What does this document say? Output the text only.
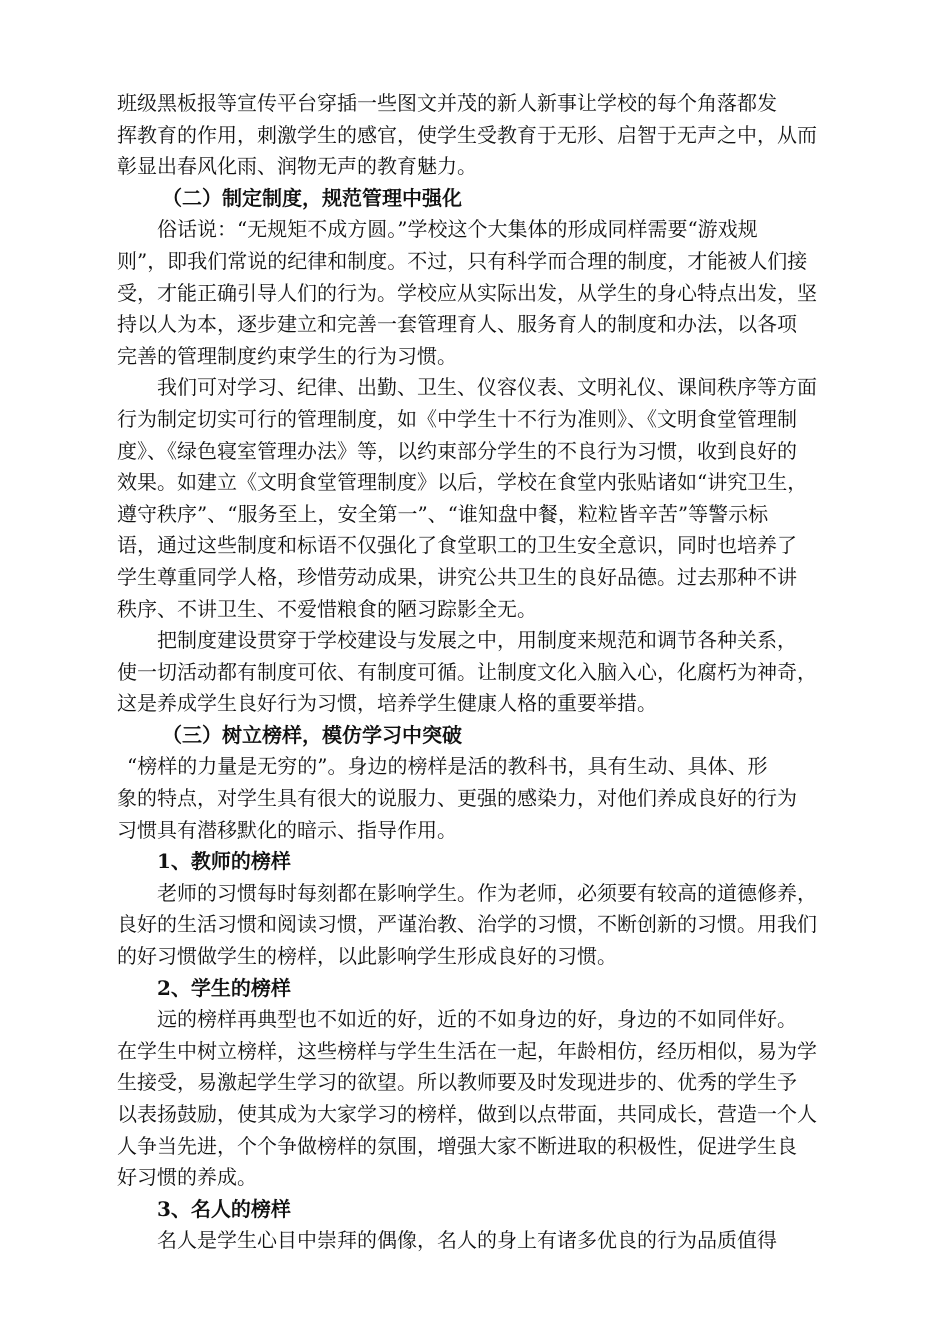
班级黑板报等宣传平台穿插一些图文并茂的新人新事让学校的每个角落都发
挥教育的作用，刺激学生的感官，使学生受教育于无形、启智于无声之中，从而
彰显出春风化雨、润物无声的教育魅力。
（二）制定制度，规范管理中强化
俗话说：“无规矩不成方圆。”学校这个大集体的形成同样需要“游戏规
则”，即我们常说的纪律和制度。不过，只有科学而合理的制度，才能被人们接
受，才能正确引导人们的行为。学校应从实际出发，从学生的身心特点出发，坚
持以人为本，逐步建立和完善一套管理育人、服务育人的制度和办法，以各项
完善的管理制度约束学生的行为习惯。
我们可对学习、纪律、出勤、卫生、仪容仪表、文明礼仪、课间秩序等方面
行为制定切实可行的管理制度，如《中学生十不行为准则》、《文明食堂管理制
度》、《绿色寝室管理办法》等，以约束部分学生的不良行为习惯，收到良好的
效果。如建立《文明食堂管理制度》以后，学校在食堂内张贴诸如“讲究卫生，
遵守秩序”、“服务至上，安全第一”、“谁知盘中餐，粒粒皆辛苦”等警示标
语，通过这些制度和标语不仅强化了食堂职工的卫生安全意识，同时也培养了
学生尊重同学人格，珍惜劳动成果，讲究公共卫生的良好品德。过去那种不讲
秩序、不讲卫生、不爱惜粮食的陋习踪影全无。
把制度建设贯穿于学校建设与发展之中，用制度来规范和调节各种关系，
使一切活动都有制度可依、有制度可循。让制度文化入脑入心，化腐朽为神奇，
这是养成学生良好行为习惯，培养学生健康人格的重要举措。
（三）树立榜样，模仿学习中突破
“榜样的力量是无穷的”。身边的榜样是活的教科书，具有生动、具体、形
象的特点，对学生具有很大的说服力、更强的感染力，对他们养成良好的行为
习惯具有潜移默化的暗示、指导作用。
1、教师的榜样
老师的习惯每时每刻都在影响学生。作为老师，必须要有较高的道德修养，
良好的生活习惯和阅读习惯，严谨治教、治学的习惯，不断创新的习惯。用我们
的好习惯做学生的榜样，以此影响学生形成良好的习惯。
2、学生的榜样
远的榜样再典型也不如近的好，近的不如身边的好，身边的不如同伴好。
在学生中树立榜样，这些榜样与学生生活在一起，年龄相仿，经历相似，易为学
生接受，易激起学生学习的欲望。所以教师要及时发现进步的、优秀的学生予
以表扬鼓励，使其成为大家学习的榜样，做到以点带面，共同成长，营造一个人
人争当先进，个个争做榜样的氛围，增强大家不断进取的积极性，促进学生良
好习惯的养成。
3、名人的榜样
名人是学生心目中崇拜的偶像，名人的身上有诸多优良的行为品质值得
